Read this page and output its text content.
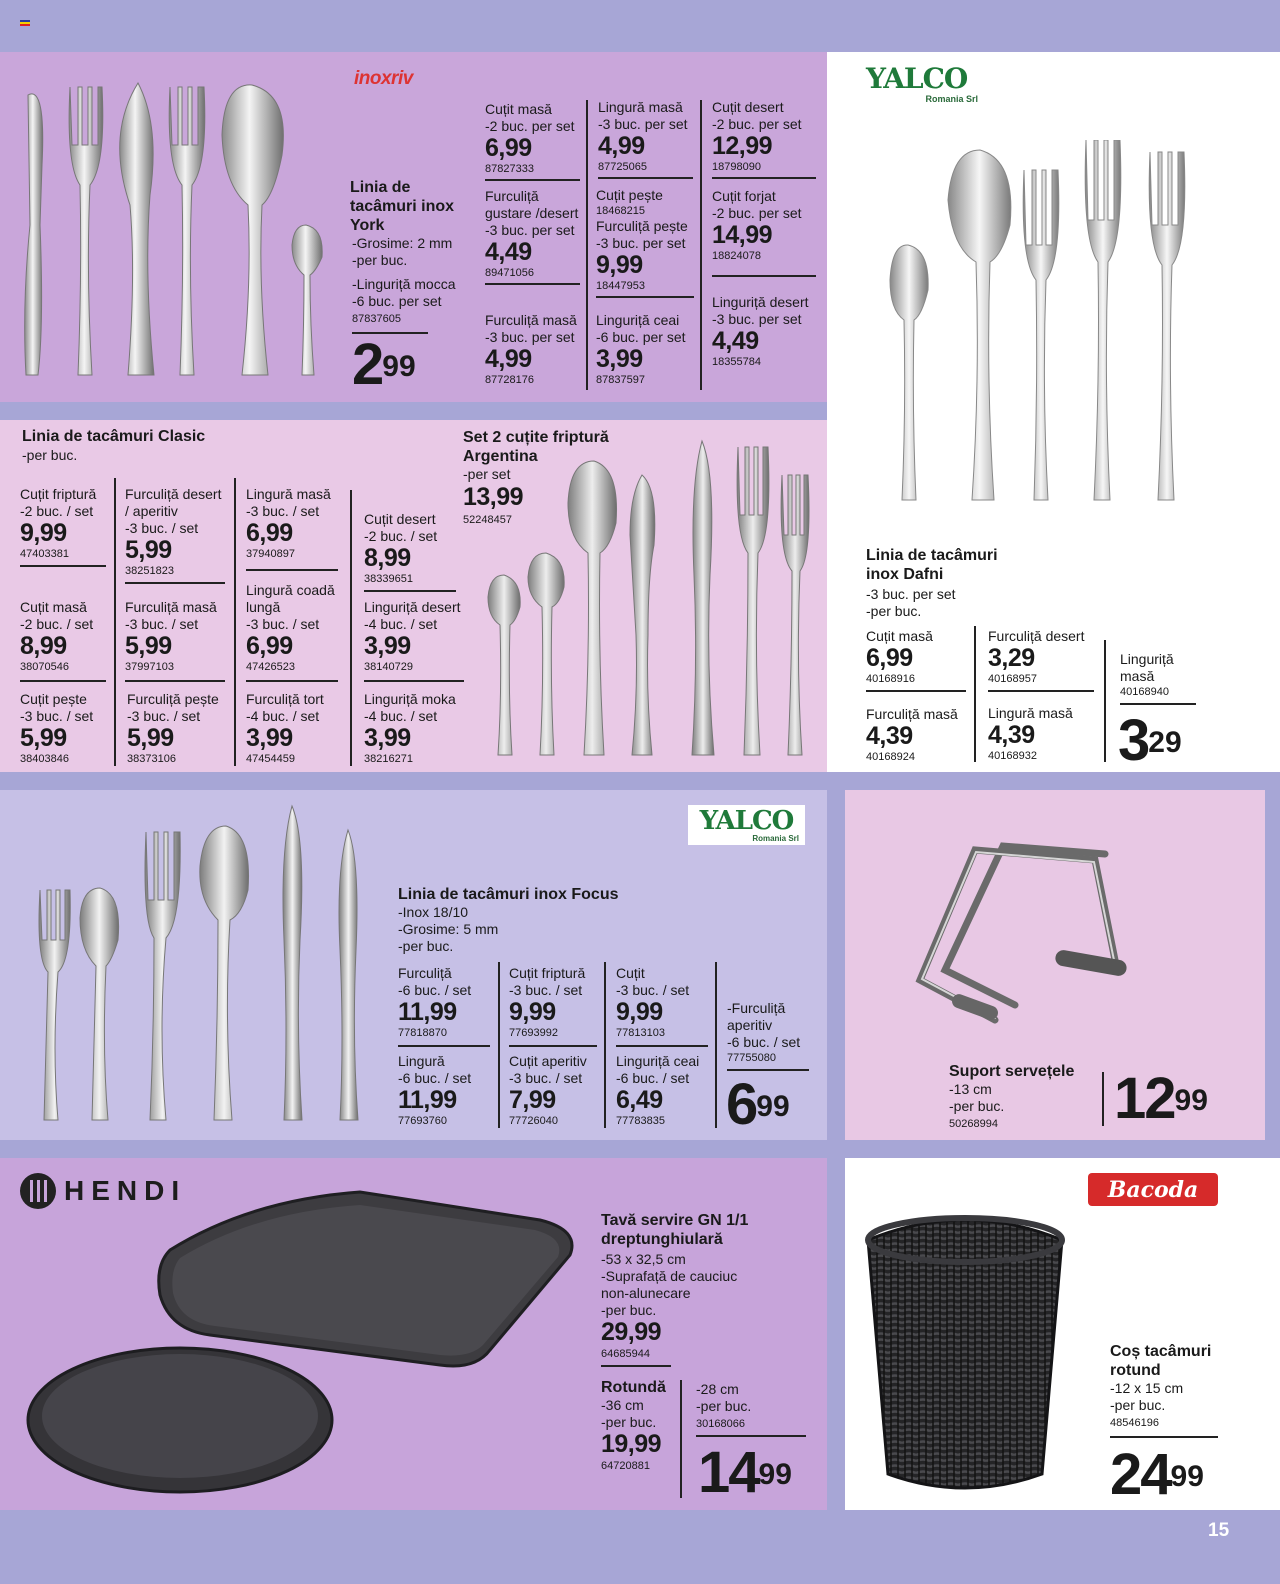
inoxriv
Linia de tacâmuri inox York
-Grosime: 2 mm
-per buc.
-Linguriță mocca
-6 buc. per set
87837605
$2^{99}$
Cuțit masă
-2 buc. per set
6,99
87827333
Furculiță gustare /desert
-3 buc. per set
4,49
89471056
Furculiță masă
-3 buc. per set
4,99
87728176
Lingură masă
-3 buc. per set
4,99
87725065
Cuțit pește
18468215
Furculiță pește
-3 buc. per set
9,99
18447953
Linguriță ceai
-6 buc. per set
3,99
87837597
Cuțit desert
-2 buc. per set
12,99
18798090
Cuțit forjat
-2 buc. per set
14,99
18824078
Linguriță desert
-3 buc. per set
4,49
18355784
YALCO
Romania Srl
Linia de tacâmuri inox Dafni
-3 buc. per set
-per buc.
Cuțit masă
6,99
40168916
Furculiță masă
4,39
40168924
Furculiță desert
3,29
40168957
Lingură masă
4,39
40168932
Linguriță masă
40168940
$3^{29}$
Linia de tacâmuri Clasic
-per buc.
Cuțit friptură
-2 buc. / set
9,99
47403381
Cuțit masă
-2 buc. / set
8,99
38070546
Cuțit pește
-3 buc. / set
5,99
38403846
Furculiță desert / aperitiv
-3 buc. / set
5,99
38251823
Furculiță masă
-3 buc. / set
5,99
37997103
Furculiță pește
-3 buc. / set
5,99
38373106
Lingură masă
-3 buc. / set
6,99
37940897
Lingură coadă lungă
-3 buc. / set
6,99
47426523
Furculiță tort
-4 buc. / set
3,99
47454459
Cuțit desert
-2 buc. / set
8,99
38339651
Linguriță desert
-4 buc. / set
3,99
38140729
Linguriță moka
-4 buc. / set
3,99
38216271
Set 2 cuțite friptură Argentina
-per set
13,99
52248457
YALCO
Romania Srl
Linia de tacâmuri inox Focus
-Inox 18/10
-Grosime: 5 mm
-per buc.
Furculiță
-6 buc. / set
11,99
77818870
Lingură
-6 buc. / set
11,99
77693760
Cuțit friptură
-3 buc. / set
9,99
77693992
Cuțit aperitiv
-3 buc. / set
7,99
77726040
Cuțit
-3 buc. / set
9,99
77813103
Linguriță ceai
-6 buc. / set
6,49
77783835
-Furculiță aperitiv
-6 buc. / set
77755080
$6^{99}$
Suport servețele
-13 cm
-per buc.
50268994 $12^{99}$
HENDI
Tavă servire GN 1/1 dreptunghiulară
-53 x 32,5 cm
-Suprafață de cauciuc non-alunecare
-per buc.
29,99
64685944
Rotundă
-36 cm
-per buc.
19,99
64720881
-28 cm
-per buc.
30168066
$14^{99}$
Bacoda
Coș tacâmuri rotund
-12 x 15 cm
-per buc.
48546196
$24^{99}$
15
